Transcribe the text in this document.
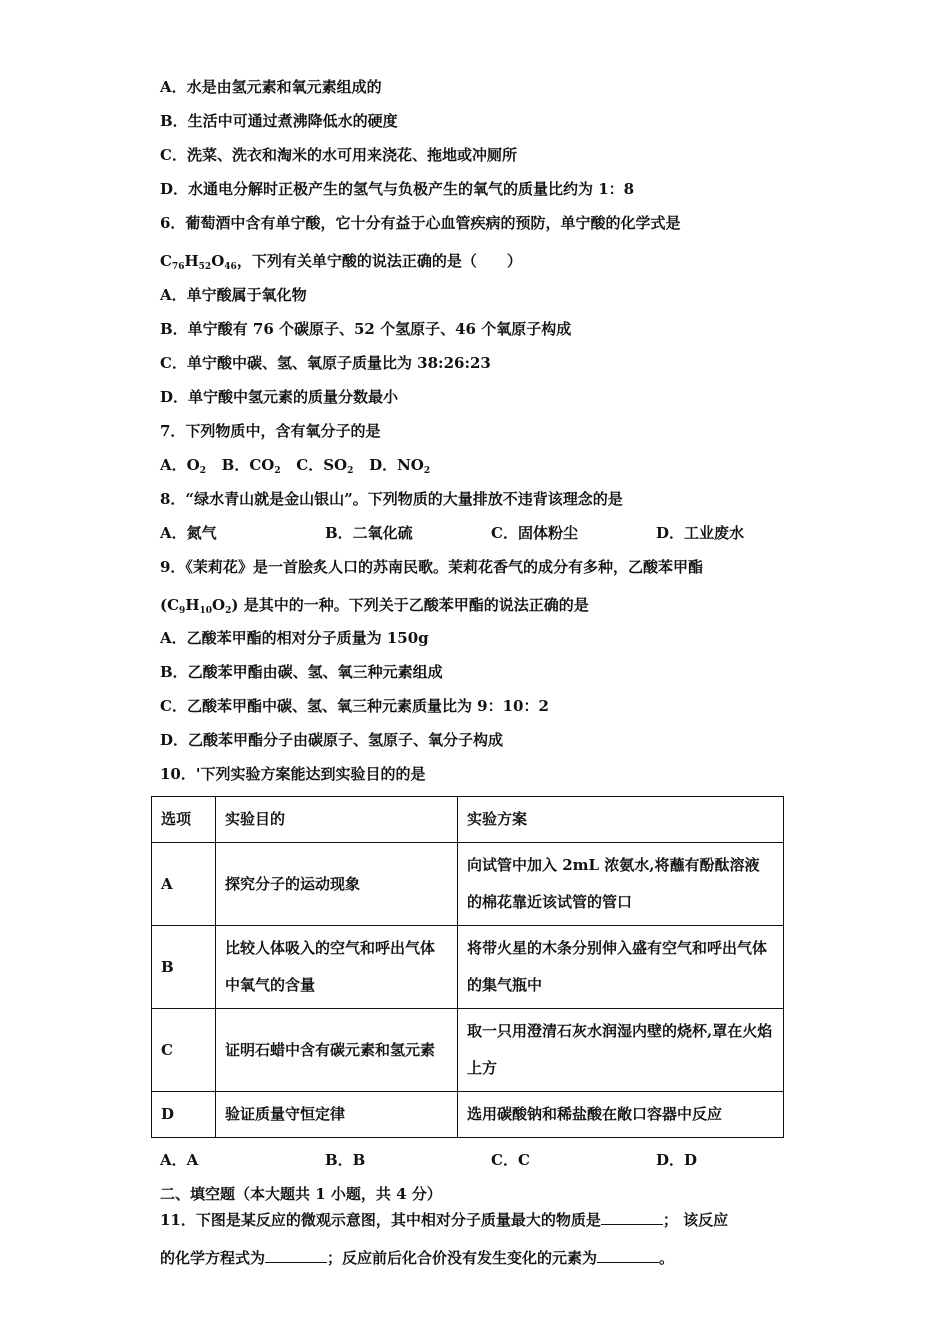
A．水是由氢元素和氧元素组成的
B．生活中可通过煮沸降低水的硬度
C．洗菜、洗衣和淘米的水可用来浇花、拖地或冲厕所
D．水通电分解时正极产生的氢气与负极产生的氧气的质量比约为 1：8
6．葡萄酒中含有单宁酸，它十分有益于心血管疾病的预防，单宁酸的化学式是
$C_{76}H_{52}O_{46}$，下列有关单宁酸的说法正确的是（　　）
A．单宁酸属于氧化物
B．单宁酸有 76 个碳原子、52 个氢原子、46 个氧原子构成
C．单宁酸中碳、氢、氧原子质量比为 38:26:23
D．单宁酸中氢元素的质量分数最小
7．下列物质中，含有氧分子的是
A．$O_2$ B．$CO_2$ C．$SO_2$ D．$NO_2$
8．“绿水青山就是金山银山”。下列物质的大量排放不违背该理念的是
A．氮气	B．二氧化硫	C．固体粉尘	D．工业废水
9．《茉莉花》是一首脍炙人口的苏南民歌。茉莉花香气的成分有多种，乙酸苯甲酯
$(C_9H_{10}O_2)$ 是其中的一种。下列关于乙酸苯甲酯的说法正确的是
A．乙酸苯甲酯的相对分子质量为 150g
B．乙酸苯甲酯由碳、氢、氧三种元素组成
C．乙酸苯甲酯中碳、氢、氧三种元素质量比为 9：10：2
D．乙酸苯甲酯分子由碳原子、氢原子、氧分子构成
10．'下列实验方案能达到实验目的的是
选项	实验目的	实验方案
A	探究分子的运动现象	向试管中加入 2mL 浓氨水,将蘸有酚酞溶液的棉花靠近该试管的管口
B	比较人体吸入的空气和呼出气体中氧气的含量	将带火星的木条分别伸入盛有空气和呼出气体的集气瓶中
C	证明石蜡中含有碳元素和氢元素	取一只用澄清石灰水润湿内壁的烧杯,罩在火焰上方
D	验证质量守恒定律	选用碳酸钠和稀盐酸在敞口容器中反应
A．A	B．B	C．C	D．D
二、填空题（本大题共 1 小题，共 4 分）
11．下图是某反应的微观示意图，其中相对分子质量最大的物质是	； 该反应
的化学方程式为	；反应前后化合价没有发生变化的元素为	。
